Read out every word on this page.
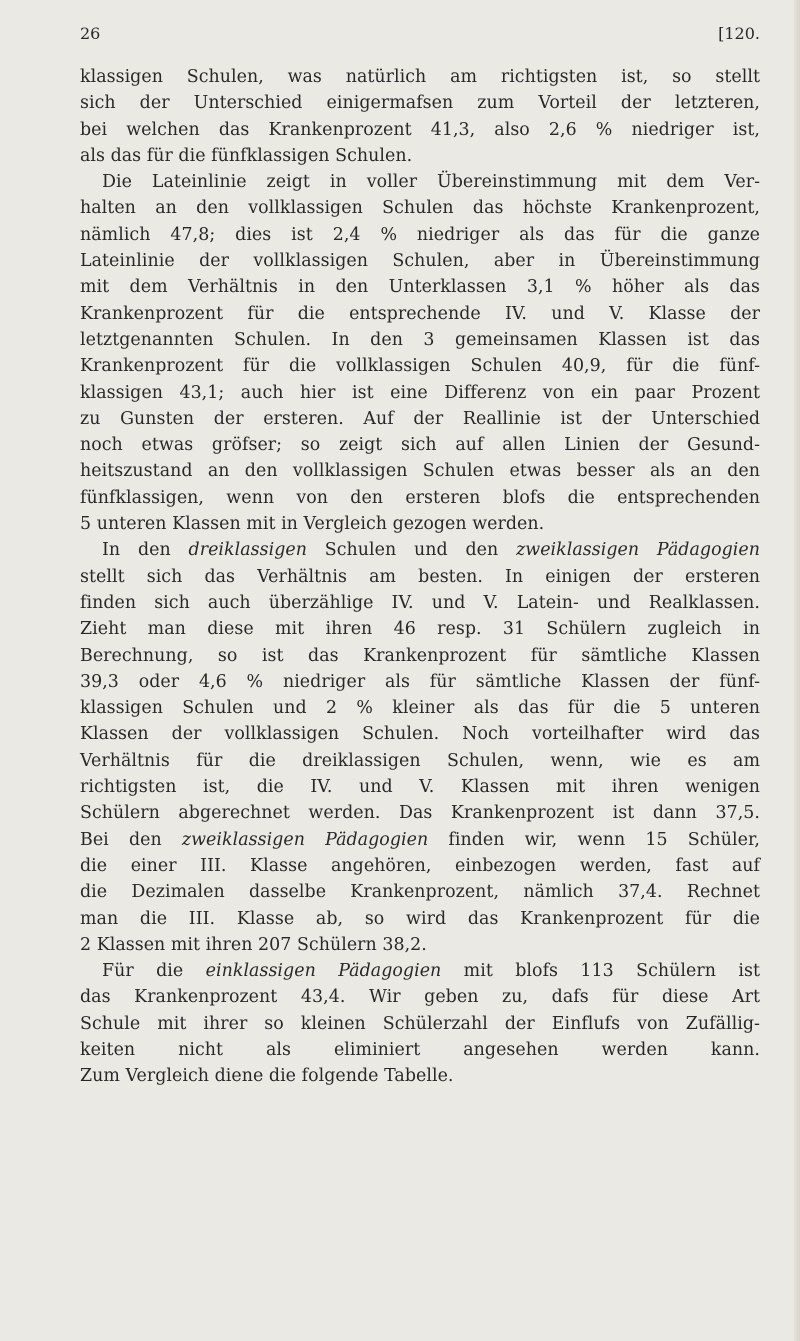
26	[120.
klassigen Schulen, was natürlich am richtigsten ist, so stellt
sich der Unterschied einigermafsen zum Vorteil der letzteren,
bei welchen das Krankenprozent 41,3, also 2,6 % niedriger ist,
als das für die fünfklassigen Schulen.
Die Lateinlinie zeigt in voller Übereinstimmung mit dem Ver-
halten an den vollklassigen Schulen das höchste Krankenprozent,
nämlich 47,8; dies ist 2,4 % niedriger als das für die ganze
Lateinlinie der vollklassigen Schulen, aber in Übereinstimmung
mit dem Verhältnis in den Unterklassen 3,1 % höher als das
Krankenprozent für die entsprechende IV. und V. Klasse der
letztgenannten Schulen. In den 3 gemeinsamen Klassen ist das
Krankenprozent für die vollklassigen Schulen 40,9, für die fünf-
klassigen 43,1; auch hier ist eine Differenz von ein paar Prozent
zu Gunsten der ersteren. Auf der Reallinie ist der Unterschied
noch etwas gröfser; so zeigt sich auf allen Linien der Gesund-
heitszustand an den vollklassigen Schulen etwas besser als an den
fünfklassigen, wenn von den ersteren blofs die entsprechenden
5 unteren Klassen mit in Vergleich gezogen werden.
In den dreiklassigen Schulen und den zweiklassigen Pädagogien
stellt sich das Verhältnis am besten. In einigen der ersteren
finden sich auch überzählige IV. und V. Latein- und Realklassen.
Zieht man diese mit ihren 46 resp. 31 Schülern zugleich in
Berechnung, so ist das Krankenprozent für sämtliche Klassen
39,3 oder 4,6 % niedriger als für sämtliche Klassen der fünf-
klassigen Schulen und 2 % kleiner als das für die 5 unteren
Klassen der vollklassigen Schulen. Noch vorteilhafter wird das
Verhältnis für die dreiklassigen Schulen, wenn, wie es am
richtigsten ist, die IV. und V. Klassen mit ihren wenigen
Schülern abgerechnet werden. Das Krankenprozent ist dann 37,5.
Bei den zweiklassigen Pädagogien finden wir, wenn 15 Schüler,
die einer III. Klasse angehören, einbezogen werden, fast auf
die Dezimalen dasselbe Krankenprozent, nämlich 37,4. Rechnet
man die III. Klasse ab, so wird das Krankenprozent für die
2 Klassen mit ihren 207 Schülern 38,2.
Für die einklassigen Pädagogien mit blofs 113 Schülern ist
das Krankenprozent 43,4. Wir geben zu, dafs für diese Art
Schule mit ihrer so kleinen Schülerzahl der Einflufs von Zufällig-
keiten nicht als eliminiert angesehen werden kann.
Zum Vergleich diene die folgende Tabelle.
